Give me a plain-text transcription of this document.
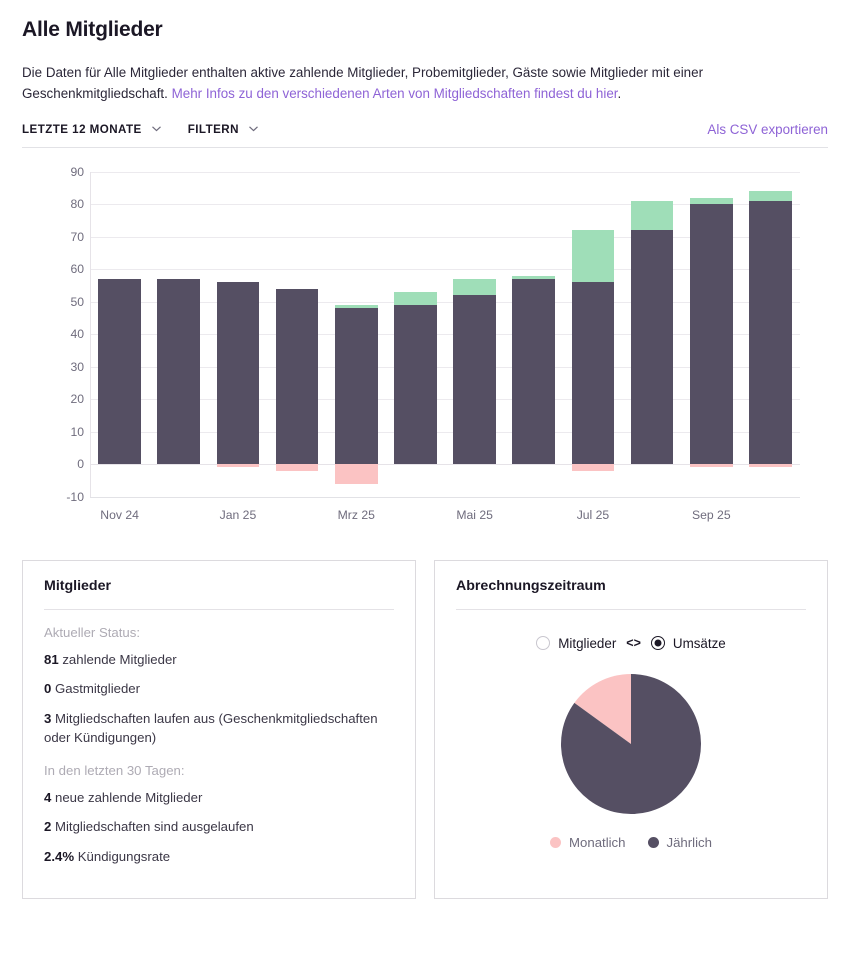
Alle Mitglieder

Die Daten für Alle Mitglieder enthalten aktive zahlende Mitglieder, Probemitglieder, Gäste sowie Mitglieder mit einer Geschenkmitgliedschaft. Mehr Infos zu den verschiedenen Arten von Mitgliedschaften findest du hier.

LETZTE 12 MONATE	FILTERN	Als CSV exportieren
90
80
70
60
50
40
30
20
10
0
-10
Nov 24	Jan 25	Mrz 25	Mai 25	Jul 25	Sep 25
Mitglieder
Aktueller Status:
81 zahlende Mitglieder
0 Gastmitglieder
3 Mitgliedschaften laufen aus (Geschenkmitgliedschaften oder Kündigungen)
In den letzten 30 Tagen:
4 neue zahlende Mitglieder
2 Mitgliedschaften sind ausgelaufen
2.4% Kündigungsrate
Abrechnungszeitraum
Mitglieder <> Umsätze
Monatlich	Jährlich
